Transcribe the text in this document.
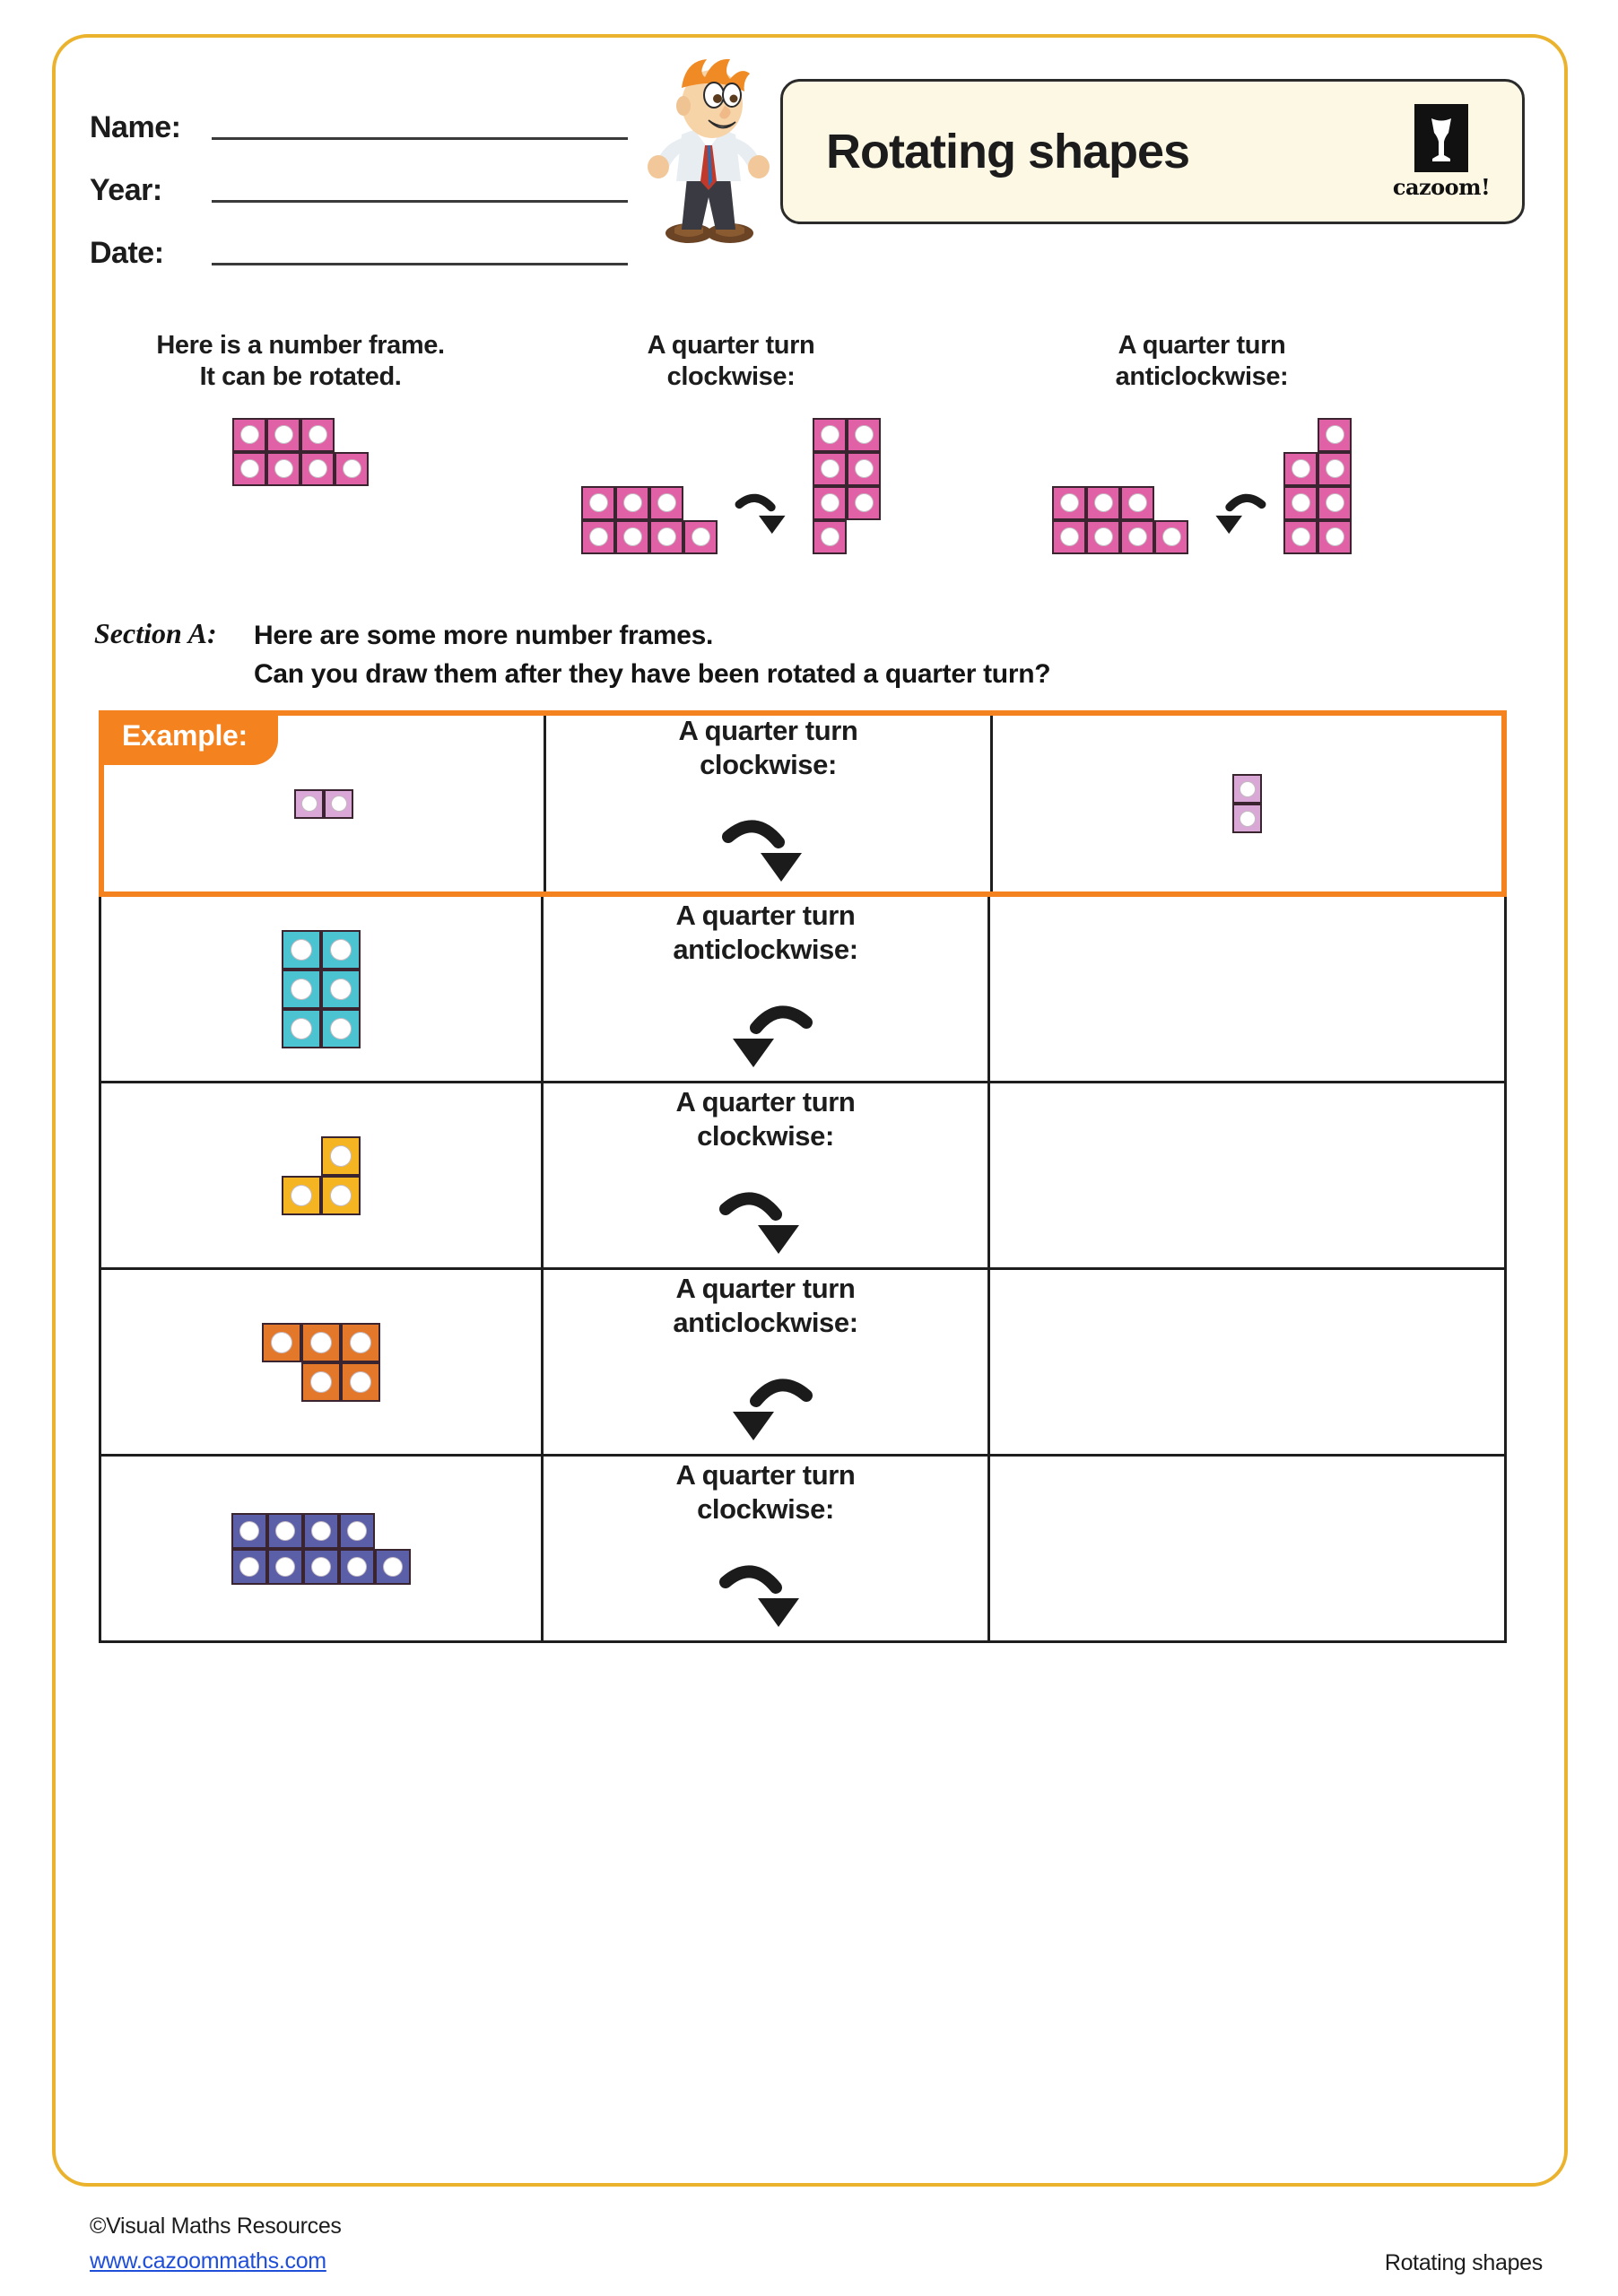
Name:
Year:
Date:
Rotating shapes
cazoom!
Here is a number frame.
It can be rotated.
A quarter turn
clockwise:
A quarter turn
anticlockwise:
Section A: Here are some more number frames.
Can you draw them after they have been rotated a quarter turn?
Example:	A quarter turn
clockwise:
A quarter turn
anticlockwise:
A quarter turn
clockwise:
A quarter turn
anticlockwise:
A quarter turn
clockwise:
©Visual Maths Resources
www.cazoommaths.com	Rotating shapes
